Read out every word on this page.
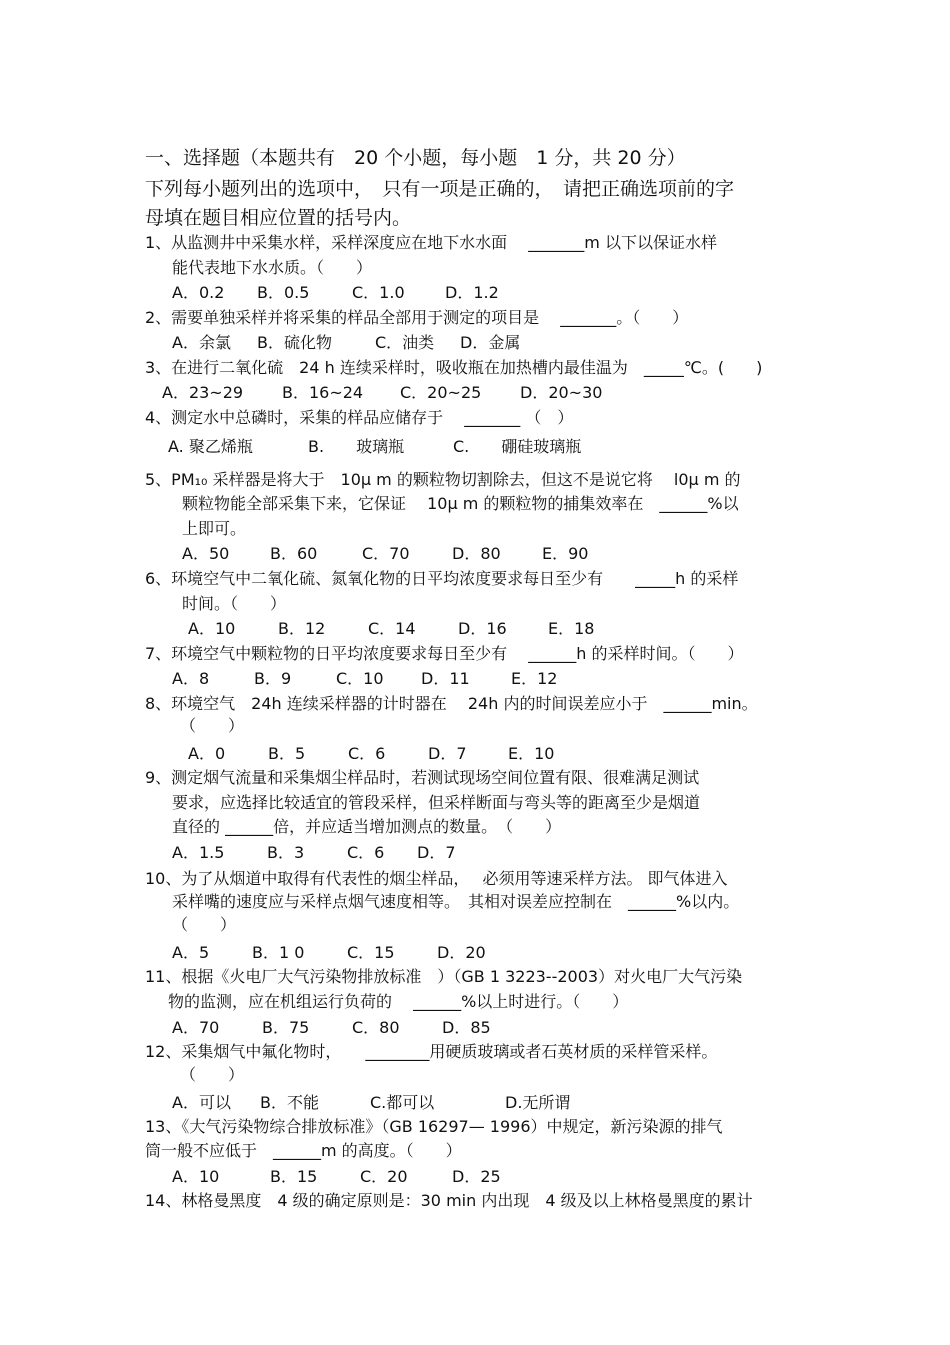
一、选择题（本题共有　20 个小题，每小题　1 分，共 20 分）
下列每小题列出的选项中，　只有一项是正确的，　请把正确选项前的字
母填在题目相应位置的括号内。
1、从监测井中采集水样，采样深度应在地下水水面　 _______m 以下以保证水样
能代表地下水水质。（　　）
A．0.2 B．0.5	C．1.0	D．1.2
2、需要单独采样并将采集的样品全部用于测定的项目是　 _______。（　　）
A．余氯 B．硫化物	C．油类 D．金属
3、在进行二氧化硫　24 h 连续采样时，吸收瓶在加热槽内最佳温为　_____℃。(　　)
A．23~29 B．16~24 C．20~25 D．20~30
4、测定水中总磷时，采集的样品应储存于　 _______ （　）
A. 聚乙烯瓶	B.　　玻璃瓶	C.　　硼硅玻璃瓶
5、PM₁₀ 采样器是将大于　10μ m 的颗粒物切割除去，但这不是说它将　 l0μ m 的
颗粒物能全部采集下来，它保证　 10μ m 的颗粒物的捕集效率在　______%以
上即可。
A．50	B．60	C．70	D．80	E．90
6、环境空气中二氧化硫、氮氧化物的日平均浓度要求每日至少有　　_____h 的采样
时间。（　　）
A．10	B．12	C．14	D．16	E．18
7、环境空气中颗粒物的日平均浓度要求每日至少有　 ______h 的采样时间。（　　）
A．8	B．9	C．10 D．11	E．12
8、环境空气　24h 连续采样器的计时器在　 24h 内的时间误差应小于　______min。
（　　）
A．0	B．5	C．6	D．7	E．10
9、测定烟气流量和采集烟尘样品时，若测试现场空间位置有限、很难满足测试
要求，应选择比较适宜的管段采样，但采样断面与弯头等的距离至少是烟道
直径的 ______倍，并应适当增加测点的数量。　（　　）
A．1.5	B．3	C．6 D．7
10、为了从烟道中取得有代表性的烟尘样品，　 必须用等速采样方法。 即气体进入
采样嘴的速度应与采样点烟气速度相等。　其相对误差应控制在　______%以内。
（　　）
A．5	B．1 0	C．15	D．20
11、根据《火电厂大气污染物排放标准　）（GB 1 3223--2003）对火电厂大气污染
物的监测，应在机组运行负荷的　 ______%以上时进行。（　　）
A．70	B．75	C．80	D．85
12、采集烟气中氟化物时，　　________用硬质玻璃或者石英材质的采样管采样。
（　　）
A．可以 B．不能	C.都可以	D.无所谓
13、《大气污染物综合排放标准》（GB 16297— 1996）中规定，新污染源的排气
筒一般不应低于　______m 的高度。（　　）
A．10	B．15	C．20	D．25
14、林格曼黑度　4 级的确定原则是：30 min 内出现　4 级及以上林格曼黑度的累计
